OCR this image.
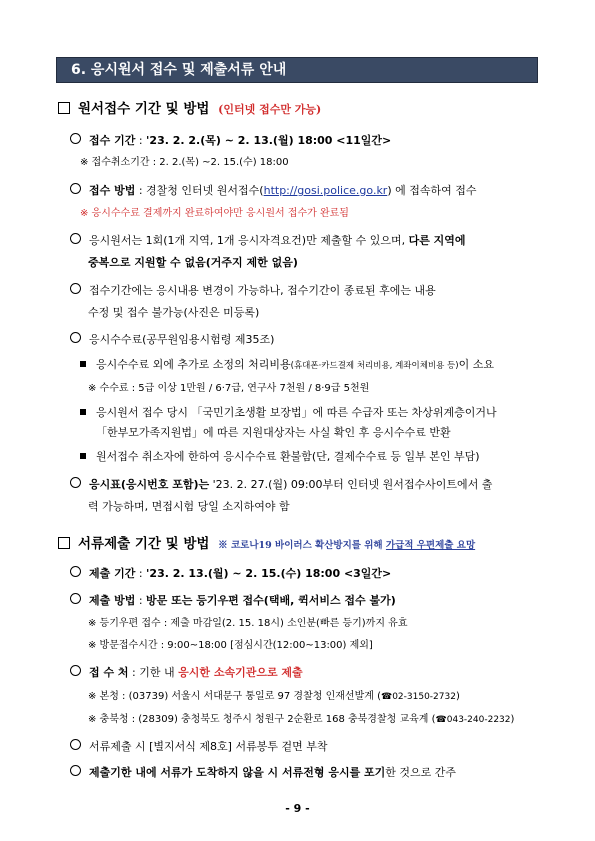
6. 응시원서 접수 및 제출서류 안내
원서접수 기간 및 방법 (인터넷 접수만 가능)
접수 기간 : '23. 2. 2.(목) ~ 2. 13.(월) 18:00 <11일간>
※ 접수취소기간 : 2. 2.(목) ~2. 15.(수) 18:00
접수 방법 : 경찰청 인터넷 원서접수(http://gosi.police.go.kr) 에 접속하여 접수
※ 응시수수료 결제까지 완료하여야만 응시원서 접수가 완료됨
응시원서는 1회(1개 지역, 1개 응시자격요건)만 제출할 수 있으며, 다른 지역에
중복으로 지원할 수 없음(거주지 제한 없음)
접수기간에는 응시내용 변경이 가능하나, 접수기간이 종료된 후에는 내용
수정 및 접수 불가능(사진은 미등록)
응시수수료(공무원임용시험령 제35조)
응시수수료 외에 추가로 소정의 처리비용(휴대폰·카드결제 처리비용, 계좌이체비용 등)이 소요
※ 수수료 : 5급 이상 1만원 / 6·7급, 연구사 7천원 / 8·9급 5천원
응시원서 접수 당시 「국민기초생활 보장법」에 따른 수급자 또는 차상위계층이거나
「한부모가족지원법」에 따른 지원대상자는 사실 확인 후 응시수수료 반환
원서접수 취소자에 한하여 응시수수료 환불함(단, 결제수수료 등 일부 본인 부담)
응시표(응시번호 포함)는 '23. 2. 27.(월) 09:00부터 인터넷 원서접수사이트에서 출
력 가능하며, 면접시험 당일 소지하여야 함
서류제출 기간 및 방법 ※ 코로나19 바이러스 확산방지를 위해 가급적 우편제출 요망
제출 기간 : '23. 2. 13.(월) ~ 2. 15.(수) 18:00 <3일간>
제출 방법 : 방문 또는 등기우편 접수(택배, 퀵서비스 접수 불가)
※ 등기우편 접수 : 제출 마감일(2. 15. 18시) 소인분(빠른 등기)까지 유효
※ 방문접수시간 : 9:00~18:00 [점심시간(12:00~13:00) 제외]
접 수 처 : 기한 내 응시한 소속기관으로 제출
※ 본청 : (03739) 서울시 서대문구 통일로 97 경찰청 인재선발계 (☎02-3150-2732)
※ 충북청 : (28309) 충청북도 청주시 청원구 2순환로 168 충북경찰청 교육계 (☎043-240-2232)
서류제출 시 [별지서식 제8호] 서류봉투 겉면 부착
제출기한 내에 서류가 도착하지 않을 시 서류전형 응시를 포기한 것으로 간주
- 9 -
